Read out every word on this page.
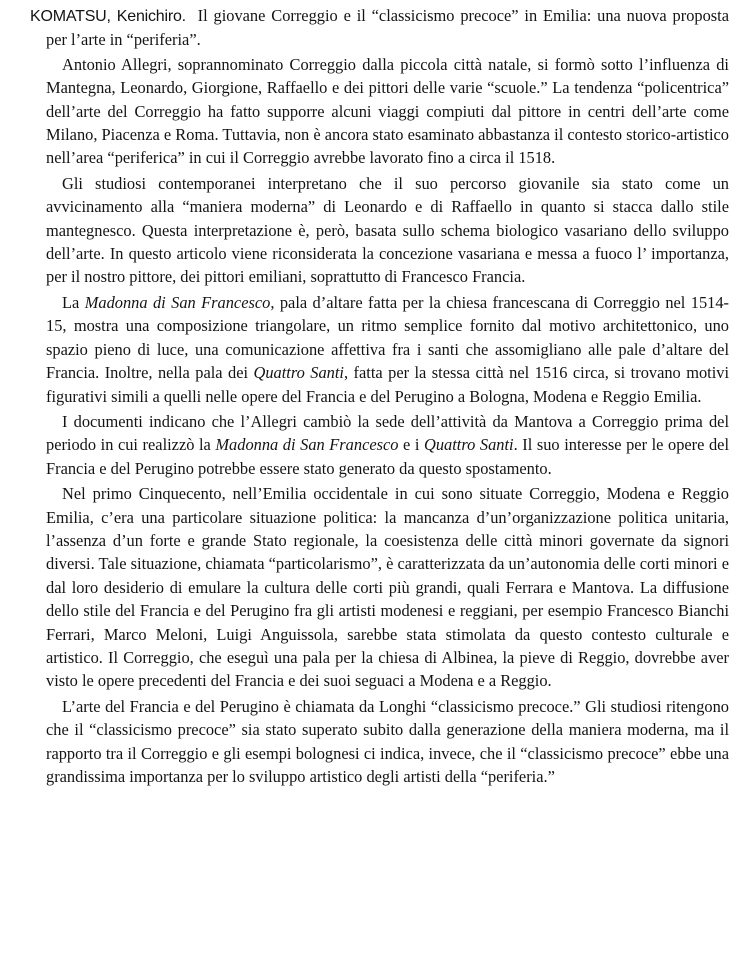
KOMATSU, Kenichiro. Il giovane Correggio e il “classicismo precoce” in Emilia: una nuova proposta per l’arte in “periferia”.

Antonio Allegri, soprannominato Correggio dalla piccola città natale, si formò sotto l’influenza di Mantegna, Leonardo, Giorgione, Raffaello e dei pittori delle varie “scuole.” La tendenza “policentrica” dell’arte del Correggio ha fatto supporre alcuni viaggi compiuti dal pittore in centri dell’arte come Milano, Piacenza e Roma. Tuttavia, non è ancora stato esaminato abbastanza il contesto storico-artistico nell’area “periferica” in cui il Correggio avrebbe lavorato fino a circa il 1518.

Gli studiosi contemporanei interpretano che il suo percorso giovanile sia stato come un avvicinamento alla “maniera moderna” di Leonardo e di Raffaello in quanto si stacca dallo stile mantegnesco. Questa interpretazione è, però, basata sullo schema biologico vasariano dello sviluppo dell’arte. In questo articolo viene riconsiderata la concezione vasariana e messa a fuoco l’ importanza, per il nostro pittore, dei pittori emiliani, soprattutto di Francesco Francia.

La Madonna di San Francesco, pala d’altare fatta per la chiesa francescana di Correggio nel 1514-15, mostra una composizione triangolare, un ritmo semplice fornito dal motivo architettonico, uno spazio pieno di luce, una comunicazione affettiva fra i santi che assomigliano alle pale d’altare del Francia. Inoltre, nella pala dei Quattro Santi, fatta per la stessa città nel 1516 circa, si trovano motivi figurativi simili a quelli nelle opere del Francia e del Perugino a Bologna, Modena e Reggio Emilia.

I documenti indicano che l’Allegri cambiò la sede dell’attività da Mantova a Correggio prima del periodo in cui realizzò la Madonna di San Francesco e i Quattro Santi. Il suo interesse per le opere del Francia e del Perugino potrebbe essere stato generato da questo spostamento.

Nel primo Cinquecento, nell’Emilia occidentale in cui sono situate Correggio, Modena e Reggio Emilia, c’era una particolare situazione politica: la mancanza d’un’organizzazione politica unitaria, l’assenza d’un forte e grande Stato regionale, la coesistenza delle città minori governate da signori diversi. Tale situazione, chiamata “particolarismo”, è caratterizzata da un’autonomia delle corti minori e dal loro desiderio di emulare la cultura delle corti più grandi, quali Ferrara e Mantova. La diffusione dello stile del Francia e del Perugino fra gli artisti modenesi e reggiani, per esempio Francesco Bianchi Ferrari, Marco Meloni, Luigi Anguissola, sarebbe stata stimolata da questo contesto culturale e artistico. Il Correggio, che eseguì una pala per la chiesa di Albinea, la pieve di Reggio, dovrebbe aver visto le opere precedenti del Francia e dei suoi seguaci a Modena e a Reggio.

L’arte del Francia e del Perugino è chiamata da Longhi “classicismo precoce.” Gli studiosi ritengono che il “classicismo precoce” sia stato superato subito dalla generazione della maniera moderna, ma il rapporto tra il Correggio e gli esempi bolognesi ci indica, invece, che il “classicismo precoce” ebbe una grandissima importanza per lo sviluppo artistico degli artisti della “periferia.”
